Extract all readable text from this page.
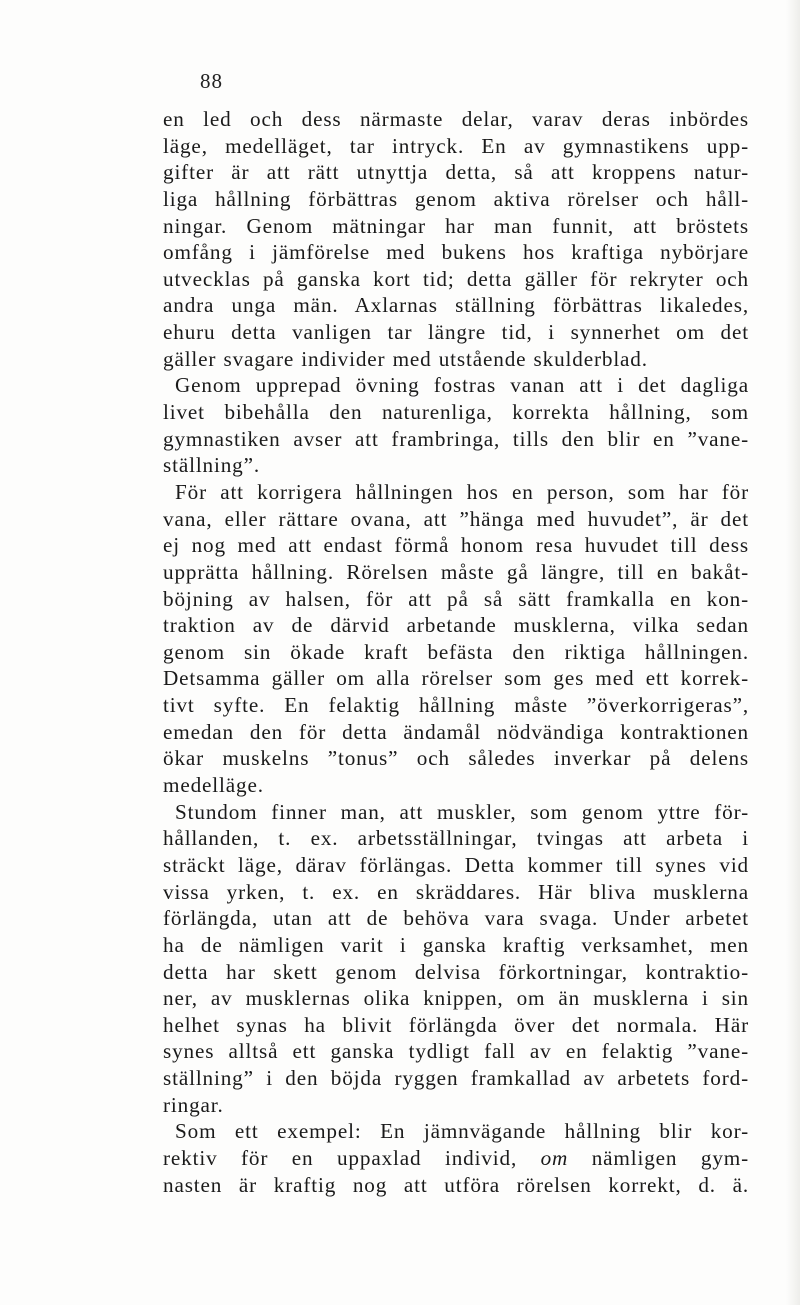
88
en led och dess närmaste delar, varav deras inbördes
läge, medelläget, tar intryck. En av gymnastikens upp-
gifter är att rätt utnyttja detta, så att kroppens natur-
liga hållning förbättras genom aktiva rörelser och håll-
ningar. Genom mätningar har man funnit, att bröstets
omfång i jämförelse med bukens hos kraftiga nybörjare
utvecklas på ganska kort tid; detta gäller för rekryter och
andra unga män. Axlarnas ställning förbättras likaledes,
ehuru detta vanligen tar längre tid, i synnerhet om det
gäller svagare individer med utstående skulderblad.
Genom upprepad övning fostras vanan att i det dagliga
livet bibehålla den naturenliga, korrekta hållning, som
gymnastiken avser att frambringa, tills den blir en ”vane-
ställning”.
För att korrigera hållningen hos en person, som har för
vana, eller rättare ovana, att ”hänga med huvudet”, är det
ej nog med att endast förmå honom resa huvudet till dess
upprätta hållning. Rörelsen måste gå längre, till en bakåt-
böjning av halsen, för att på så sätt framkalla en kon-
traktion av de därvid arbetande musklerna, vilka sedan
genom sin ökade kraft befästa den riktiga hållningen.
Detsamma gäller om alla rörelser som ges med ett korrek-
tivt syfte. En felaktig hållning måste ”överkorrigeras”,
emedan den för detta ändamål nödvändiga kontraktionen
ökar muskelns ”tonus” och således inverkar på delens
medelläge.
Stundom finner man, att muskler, som genom yttre för-
hållanden, t. ex. arbetsställningar, tvingas att arbeta i
sträckt läge, därav förlängas. Detta kommer till synes vid
vissa yrken, t. ex. en skräddares. Här bliva musklerna
förlängda, utan att de behöva vara svaga. Under arbetet
ha de nämligen varit i ganska kraftig verksamhet, men
detta har skett genom delvisa förkortningar, kontraktio-
ner, av musklernas olika knippen, om än musklerna i sin
helhet synas ha blivit förlängda över det normala. Här
synes alltså ett ganska tydligt fall av en felaktig ”vane-
ställning” i den böjda ryggen framkallad av arbetets ford-
ringar.
Som ett exempel: En jämnvägande hållning blir kor-
rektiv för en uppaxlad individ, om nämligen gym-
nasten är kraftig nog att utföra rörelsen korrekt, d. ä.
